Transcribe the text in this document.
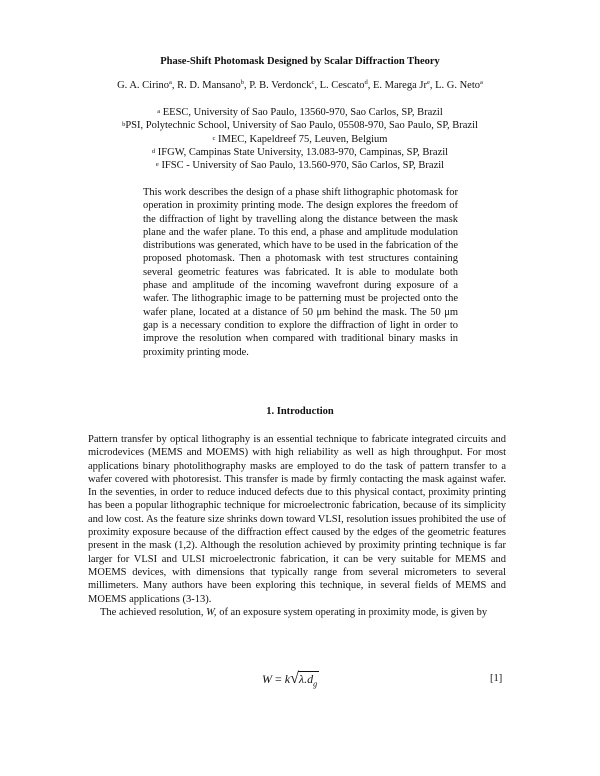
Phase-Shift Photomask Designed by Scalar Diffraction Theory
G. A. Cirino$^a$, R. D. Mansano$^b$, P. B. Verdonck$^c$, L. Cescato$^d$, E. Marega Jr$^e$, L. G. Neto$^a$
$^a$ EESC, University of Sao Paulo, 13560-970, Sao Carlos, SP, Brazil
$^b$PSI, Polytechnic School, University of Sao Paulo, 05508-970, Sao Paulo, SP, Brazil
$^c$ IMEC, Kapeldreef 75, Leuven, Belgium
$^d$ IFGW, Campinas State University, 13.083-970, Campinas, SP, Brazil
$^e$ IFSC - University of Sao Paulo, 13.560-970, São Carlos, SP, Brazil
This work describes the design of a phase shift lithographic photomask for operation in proximity printing mode. The design explores the freedom of the diffraction of light by travelling along the distance between the mask plane and the wafer plane. To this end, a phase and amplitude modulation distributions was generated, which have to be used in the fabrication of the proposed photomask. Then a photomask with test structures containing several geometric features was fabricated. It is able to modulate both phase and amplitude of the incoming wavefront during exposure of a wafer. The lithographic image to be patterning must be projected onto the wafer plane, located at a distance of 50 μm behind the mask. The 50 μm gap is a necessary condition to explore the diffraction of light in order to improve the resolution when compared with traditional binary masks in proximity printing mode.
1. Introduction

Pattern transfer by optical lithography is an essential technique to fabricate integrated circuits and microdevices (MEMS and MOEMS) with high reliability as well as high throughput. For most applications binary photolithography masks are employed to do the task of pattern transfer to a wafer covered with photoresist. This transfer is made by firmly contacting the mask against wafer. In the seventies, in order to reduce induced defects due to this physical contact, proximity printing has been a popular lithographic technique for microelectronic fabrication, because of its simplicity and low cost. As the feature size shrinks down toward VLSI, resolution issues prohibited the use of proximity exposure because of the diffraction effect caused by the edges of the geometric features present in the mask (1,2). Although the resolution achieved by proximity printing technique is far larger for VLSI and ULSI microelectronic fabrication, it can be very suitable for MEMS and MOEMS devices, with dimensions that typically range from several micrometers to several millimeters. Many authors have been exploring this technique, in several fields of MEMS and MOEMS applications (3-13).

The achieved resolution, W, of an exposure system operating in proximity mode, is given by

$W = k√\lambda.d_g$	[1]
